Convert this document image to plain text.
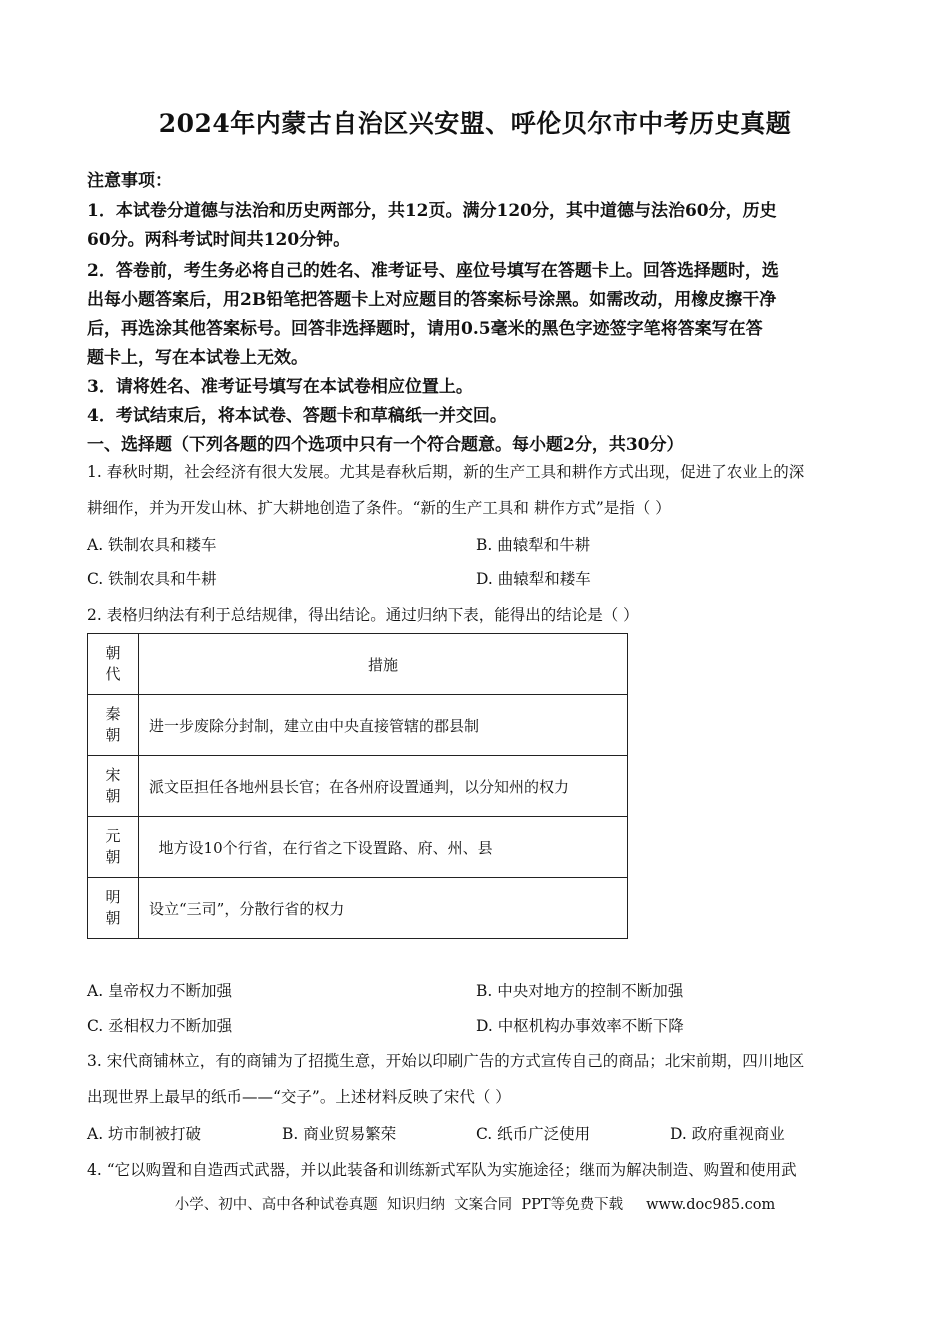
2024年内蒙古自治区兴安盟、呼伦贝尔市中考历史真题
注意事项：
1．本试卷分道德与法治和历史两部分，共12页。满分120分，其中道德与法治60分，历史
60分。两科考试时间共120分钟。
2．答卷前，考生务必将自己的姓名、准考证号、座位号填写在答题卡上。回答选择题时，选
出每小题答案后，用2B铅笔把答题卡上对应题目的答案标号涂黑。如需改动，用橡皮擦干净
后，再选涂其他答案标号。回答非选择题时，请用0.5毫米的黑色字迹签字笔将答案写在答
题卡上，写在本试卷上无效。
3．请将姓名、准考证号填写在本试卷相应位置上。
4．考试结束后，将本试卷、答题卡和草稿纸一并交回。
一、选择题（下列各题的四个选项中只有一个符合题意。每小题2分，共30分）
1. 春秋时期，社会经济有很大发展。尤其是春秋后期，新的生产工具和耕作方式出现，促进了农业上的深
耕细作，并为开发山林、扩大耕地创造了条件。“新的生产工具和 耕作方式”是指（ ）
A. 铁制农具和耧车	B. 曲辕犁和牛耕
C. 铁制农具和牛耕	D. 曲辕犁和耧车
2. 表格归纳法有利于总结规律，得出结论。通过归纳下表，能得出的结论是（ ）
朝
代	措施

秦
朝	进一步废除分封制，建立由中央直接管辖的郡县制

宋
朝	派文臣担任各地州县长官；在各州府设置通判，以分知州的权力

元
朝	地方设10个行省，在行省之下设置路、府、州、县

明
朝	设立“三司”，分散行省的权力
A. 皇帝权力不断加强	B. 中央对地方的控制不断加强
C. 丞相权力不断加强	D. 中枢机构办事效率不断下降
3. 宋代商铺林立，有的商铺为了招揽生意，开始以印刷广告的方式宣传自己的商品；北宋前期，四川地区
出现世界上最早的纸币——“交子”。上述材料反映了宋代（ ）
A. 坊市制被打破	B. 商业贸易繁荣	C. 纸币广泛使用	D. 政府重视商业
4. “它以购置和自造西式武器，并以此装备和训练新式军队为实施途径；继而为解决制造、购置和使用武
小学、初中、高中各种试卷真题  知识归纳  文案合同  PPT等免费下载     www.doc985.com
